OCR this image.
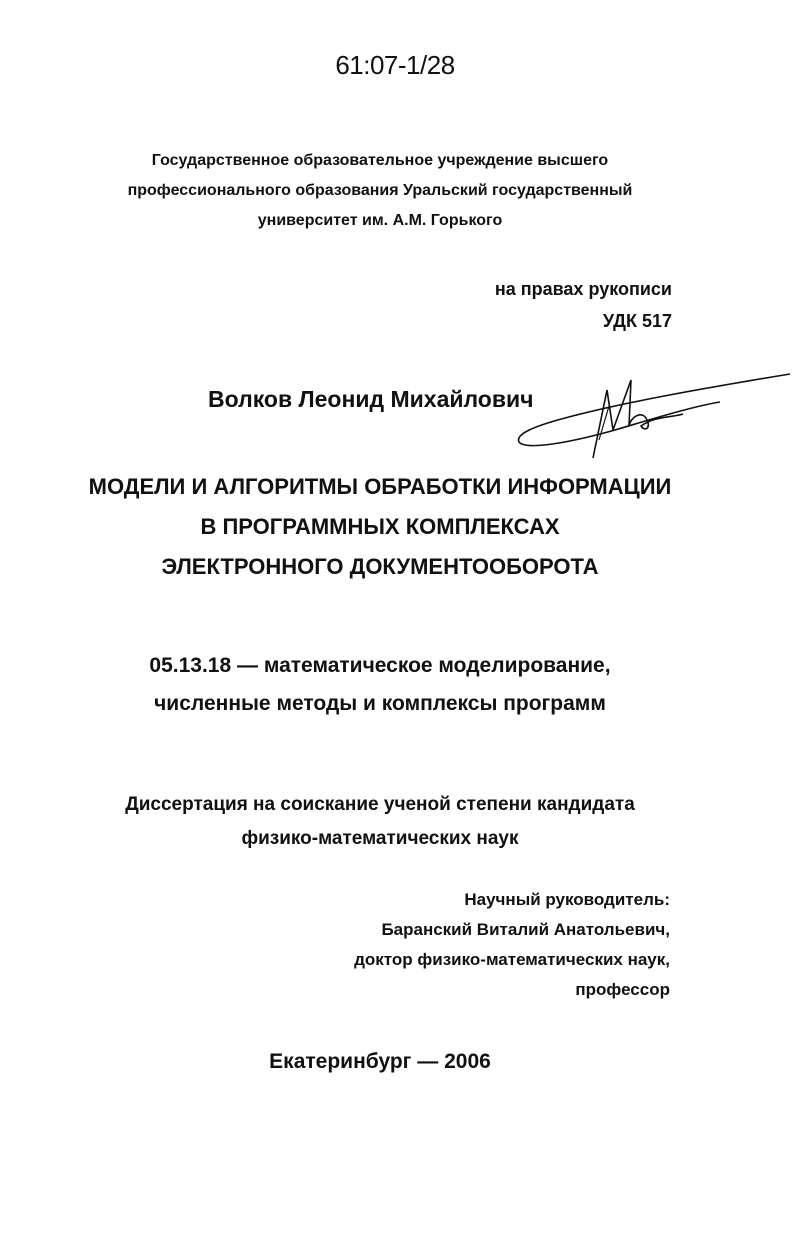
61:07-1/28
Государственное образовательное учреждение высшего
профессионального образования Уральский государственный
университет им. А.М. Горького
на правах рукописи
УДК 517
Волков Леонид Михайлович
МОДЕЛИ И АЛГОРИТМЫ ОБРАБОТКИ ИНФОРМАЦИИ
В ПРОГРАММНЫХ КОМПЛЕКСАХ
ЭЛЕКТРОННОГО ДОКУМЕНТООБОРОТА
05.13.18 — математическое моделирование,
численные методы и комплексы программ
Диссертация на соискание ученой степени кандидата
физико-математических наук
Научный руководитель:
Баранский Виталий Анатольевич,
доктор физико-математических наук,
профессор
Екатеринбург — 2006
